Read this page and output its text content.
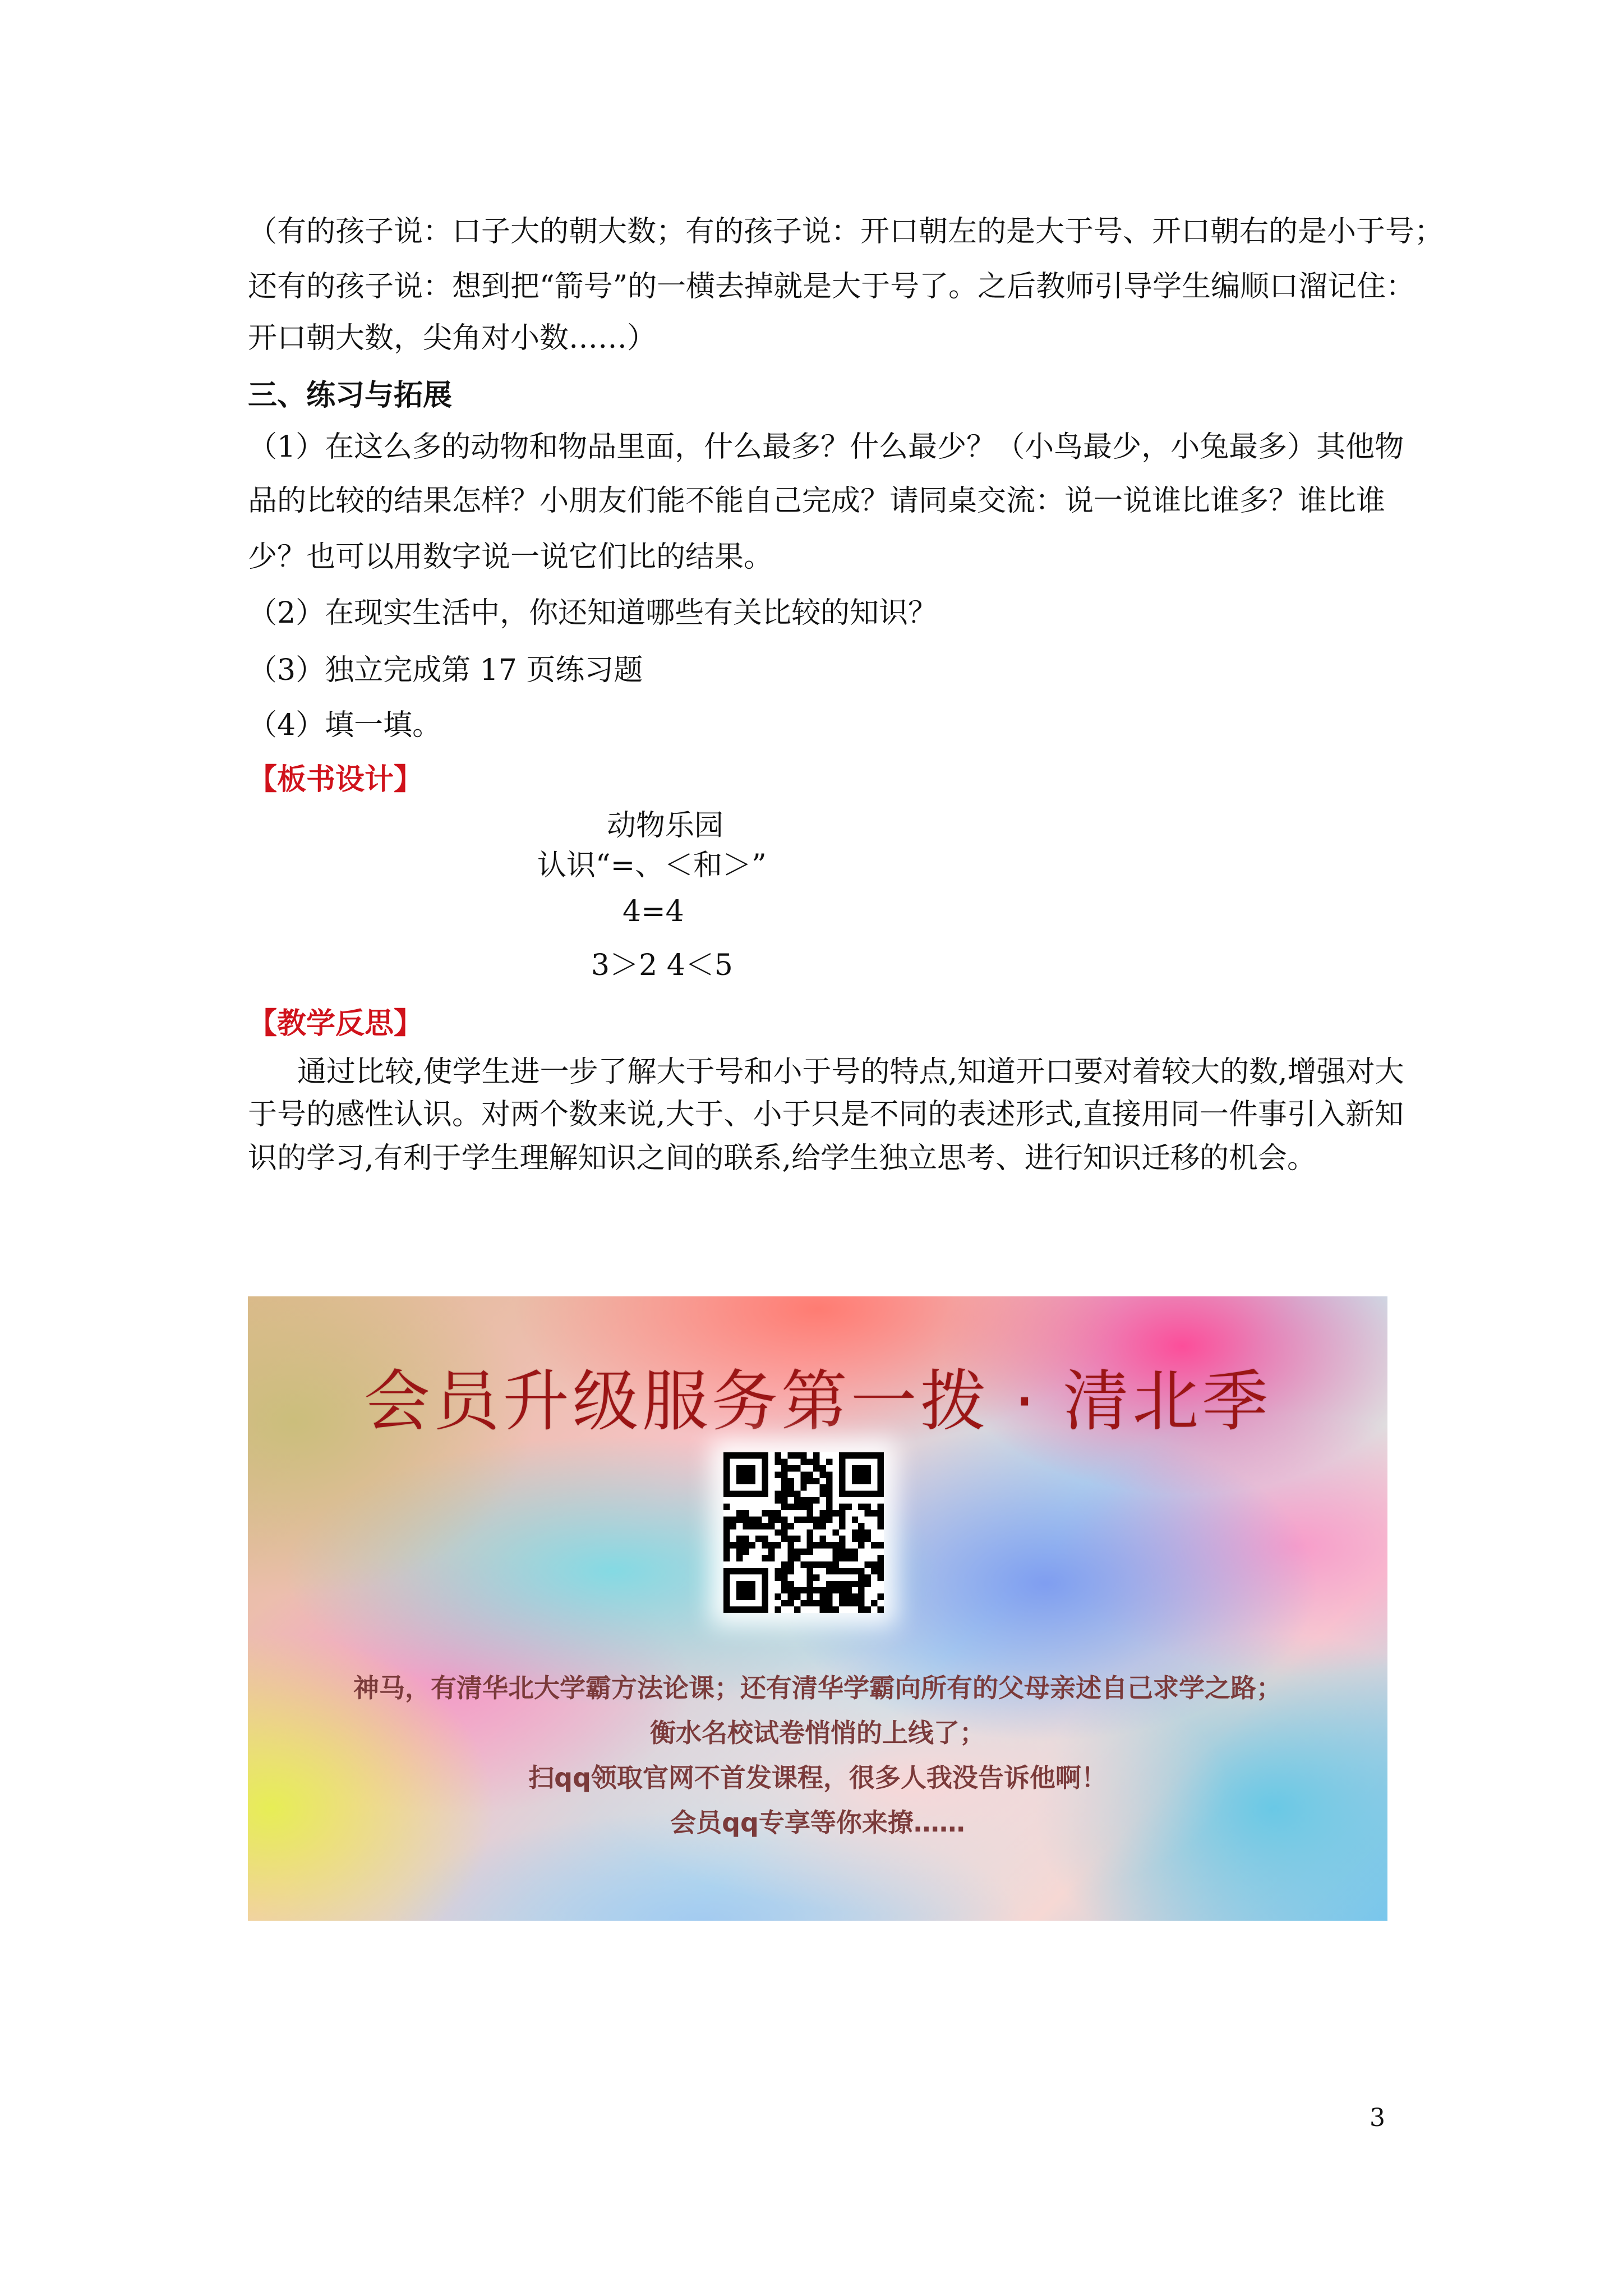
（有的孩子说：口子大的朝大数；有的孩子说：开口朝左的是大于号、开口朝右的是小于号；
还有的孩子说：想到把“箭号”的一横去掉就是大于号了。之后教师引导学生编顺口溜记住：
开口朝大数，尖角对小数……）
三、练习与拓展
（1）在这么多的动物和物品里面，什么最多？什么最少？（小鸟最少，小兔最多）其他物
品的比较的结果怎样？小朋友们能不能自己完成？请同桌交流：说一说谁比谁多？谁比谁
少？也可以用数字说一说它们比的结果。
（2）在现实生活中，你还知道哪些有关比较的知识？
（3）独立完成第 17 页练习题
（4）填一填。
【板书设计】
动物乐园
认识“=、＜和＞”
4=4
3＞2 4＜5
【教学反思】
通过比较,使学生进一步了解大于号和小于号的特点,知道开口要对着较大的数,增强对大
于号的感性认识。对两个数来说,大于、小于只是不同的表述形式,直接用同一件事引入新知
识的学习,有利于学生理解知识之间的联系,给学生独立思考、进行知识迁移的机会。
会员升级服务第一拨 · 清北季
神马，有清华北大学霸方法论课；还有清华学霸向所有的父母亲述自己求学之路；
衡水名校试卷悄悄的上线了；
扫qq领取官网不首发课程，很多人我没告诉他啊！
会员qq专享等你来撩……
3
